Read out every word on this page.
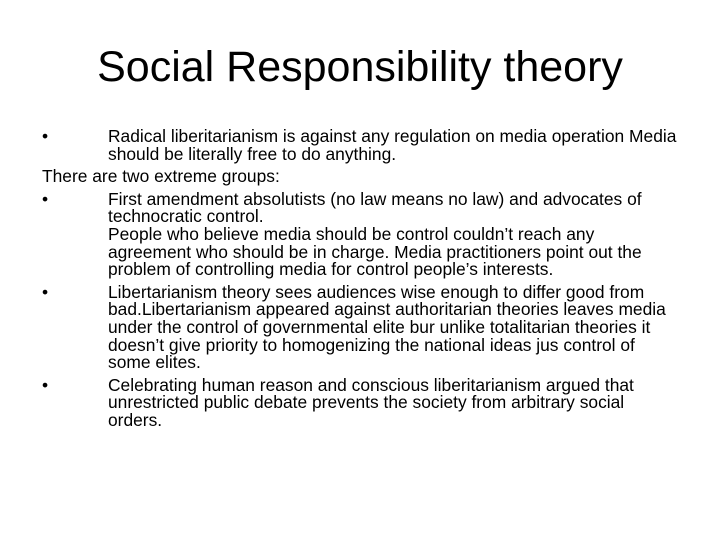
Social Responsibility theory
•	Radical liberitarianism is against any regulation on media operation Media should be literally free to do anything.
There are two extreme groups:
•	First amendment absolutists (no law means no law) and advocates of technocratic control.
People who believe media should be control couldn’t reach any agreement who should be in charge. Media practitioners point out the problem of controlling media for control people’s interests.
•	Libertarianism theory sees audiences wise enough to differ good from bad.Libertarianism appeared against authoritarian theories leaves media under the control of governmental elite bur unlike totalitarian theories it doesn’t give priority to homogenizing the national ideas jus control of some elites.
•	Celebrating human reason and conscious liberitarianism argued that unrestricted public debate prevents the society from arbitrary social orders.
